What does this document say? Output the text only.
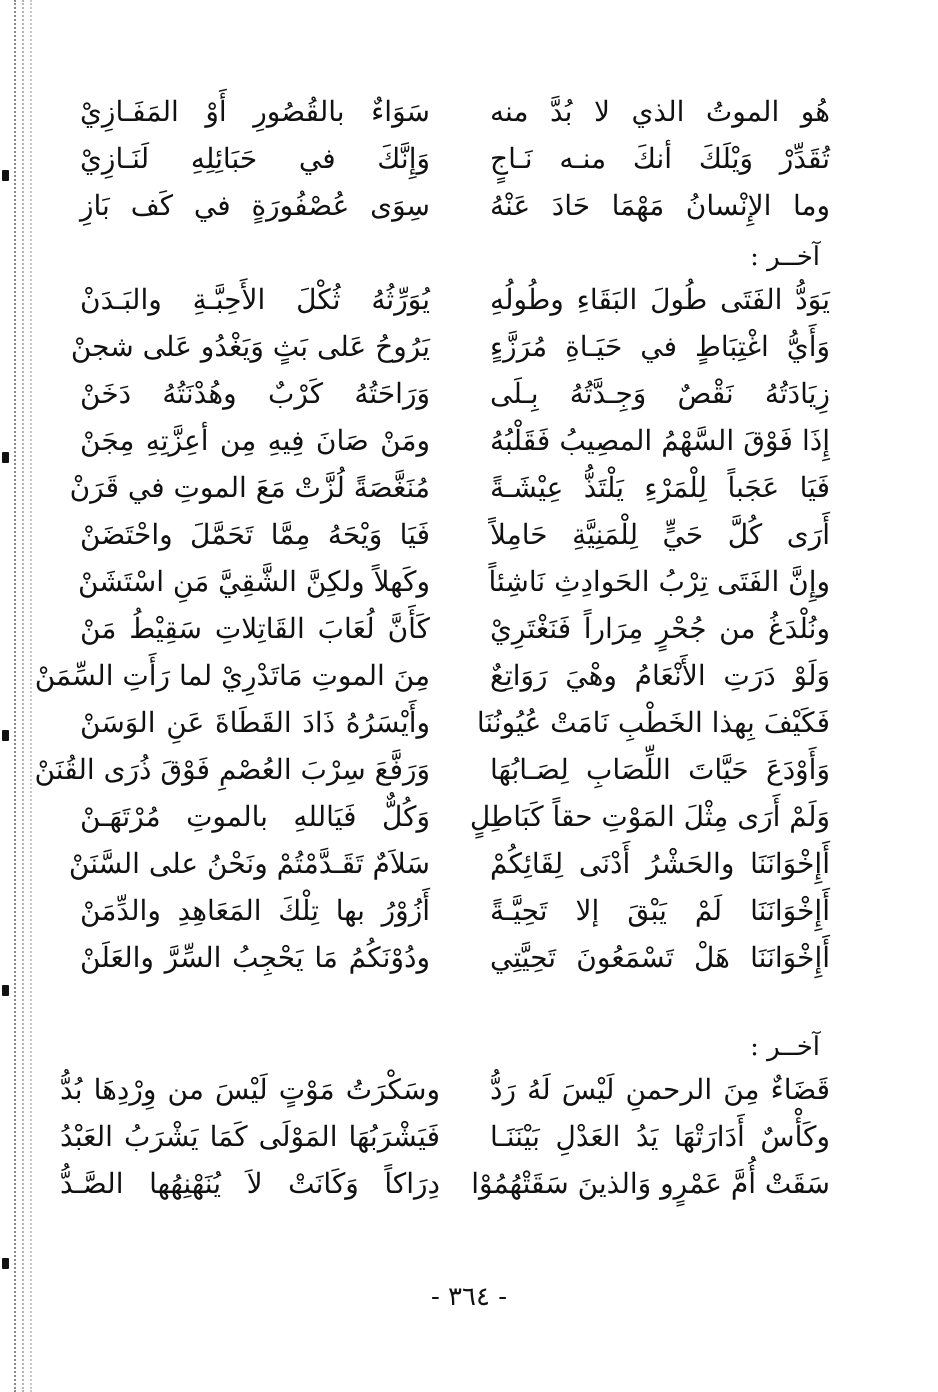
هُو الموتُ الذي لا بُدَّ منه
سَوَاءٌ بالقُصُورِ أَوْ المَفَـازِيْ
تُقَدِّرْ وَيْلَكَ أنكَ منـه نَـاجٍ
وَإِنَّكَ في حَبَائِلِهِ لَنَـازِيْ
وما الإِنْسانُ مَهْمَا حَادَ عَنْهُ
سِوَى عُصْفُورَةٍ في كَف بَازِ
آخــر :
يَوَدُّ الفَتَى طُولَ البَقَاءِ وطُولُهِ
يُوَرِّثُهُ ثُكْلَ الأَحِبَّـةِ والبَـدَنْ
وَأَيُّ اغْتِبَاطٍ في حَيَـاةِ مُرَزَّءٍ
يَرُوحُ عَلى بَثٍ وَيَغْدُو عَلى شجنْ
زِيَادَتُهُ نَقْصٌ وَجِـدَّتُهُ بِـلَى
وَرَاحَتُهُ كَرْبٌ وهُدْنَتُهُ دَخَنْ
إِذَا فَوْقَ السَّهْمُ المصِيبُ فَقَلْبُهُ
ومَنْ صَانَ فِيهِ مِن أعِزَّتِهِ مِجَنْ
فَيَا عَجَباً لِلْمَرْءِ يَلْتَذُّ عِيْشَـةً
مُنَغَّصَةً لُزَّتْ مَعَ الموتِ في قَرَنْ
أَرَى كُلَّ حَيٍّ لِلْمَنِيَّةِ حَامِلاً
فَيَا وَيْحَهُ مِمَّا تَحَمَّلَ واحْتَضَنْ
وإِنَّ الفَتَى تِرْبُ الحَوادِثِ نَاشِئاً
وكَهلاً ولكِنَّ الشَّقِيَّ مَنِ اسْتَشَنْ
ونُلْدَغُ من جُحْرٍ مِرَاراً فَنَغْتَرِيْ
كَأَنَّ لُعَابَ القَاتِلاتِ سَقِيْطُ مَنْ
وَلَوْ دَرَتِ الأَنْعَامُ وهْيَ رَوَاتِعٌ
مِنَ الموتِ مَاتَدْرِيْ لما رَأَتِ السِّمَنْ
فَكَيْفَ بِهذا الخَطْبِ نَامَتْ عُيُونُنَا
وأَيْسَرُهُ ذَادَ القَطَاةَ عَنِ الوَسَنْ
وَأَوْدَعَ حَيَّاتَ اللِّصَابِ لِصَـابُهَا
وَرَفَّعَ سِرْبَ العُصْمِ فَوْقَ ذُرَى القُنَنْ
وَلَمْ أَرَى مِثْلَ المَوْتِ حقاً كَبَاطِلٍ
وَكُلٌّ فَيَاللهِ بالموتِ مُرْتَهَـنْ
أَإِخْوَانَنَا والحَشْرُ أَدْنَى لِقَائِكُمْ
سَلاَمٌ تَقَـدَّمْتُمْ ونَحْنُ على السَّنَنْ
أَإِخْوَانَنَا لَمْ يَبْقَ إلا تَحِيَّـةً
أَزُوْرُ بها تِلْكَ المَعَاهِدِ والدِّمَنْ
أَإِخْوَانَنَا هَلْ تَسْمَعُونَ تَحِيَّتِي
ودُوْنَكُمُ مَا يَحْجِبُ السِّرَّ والعَلَنْ
آخــر :
قَضَاءٌ مِنَ الرحمنِ لَيْسَ لَهُ رَدُّ
وسَكْرَتُ مَوْتٍ لَيْسَ من وِرْدِهَا بُدُّ
وكَأْسٌ أَدَارَتْهَا يَدُ العَدْلِ بَيْنَنَـا
فَيَشْرَبُهَا المَوْلَى كَمَا يَشْرَبُ العَبْدُ
سَقَتْ أُمَّ عَمْرٍو وَالذينَ سَقَتْهُمُوْا
دِرَاكاً وَكَانَتْ لاَ يُنَهْنِهُها الصَّـدُّ
- ٣٦٤ -
